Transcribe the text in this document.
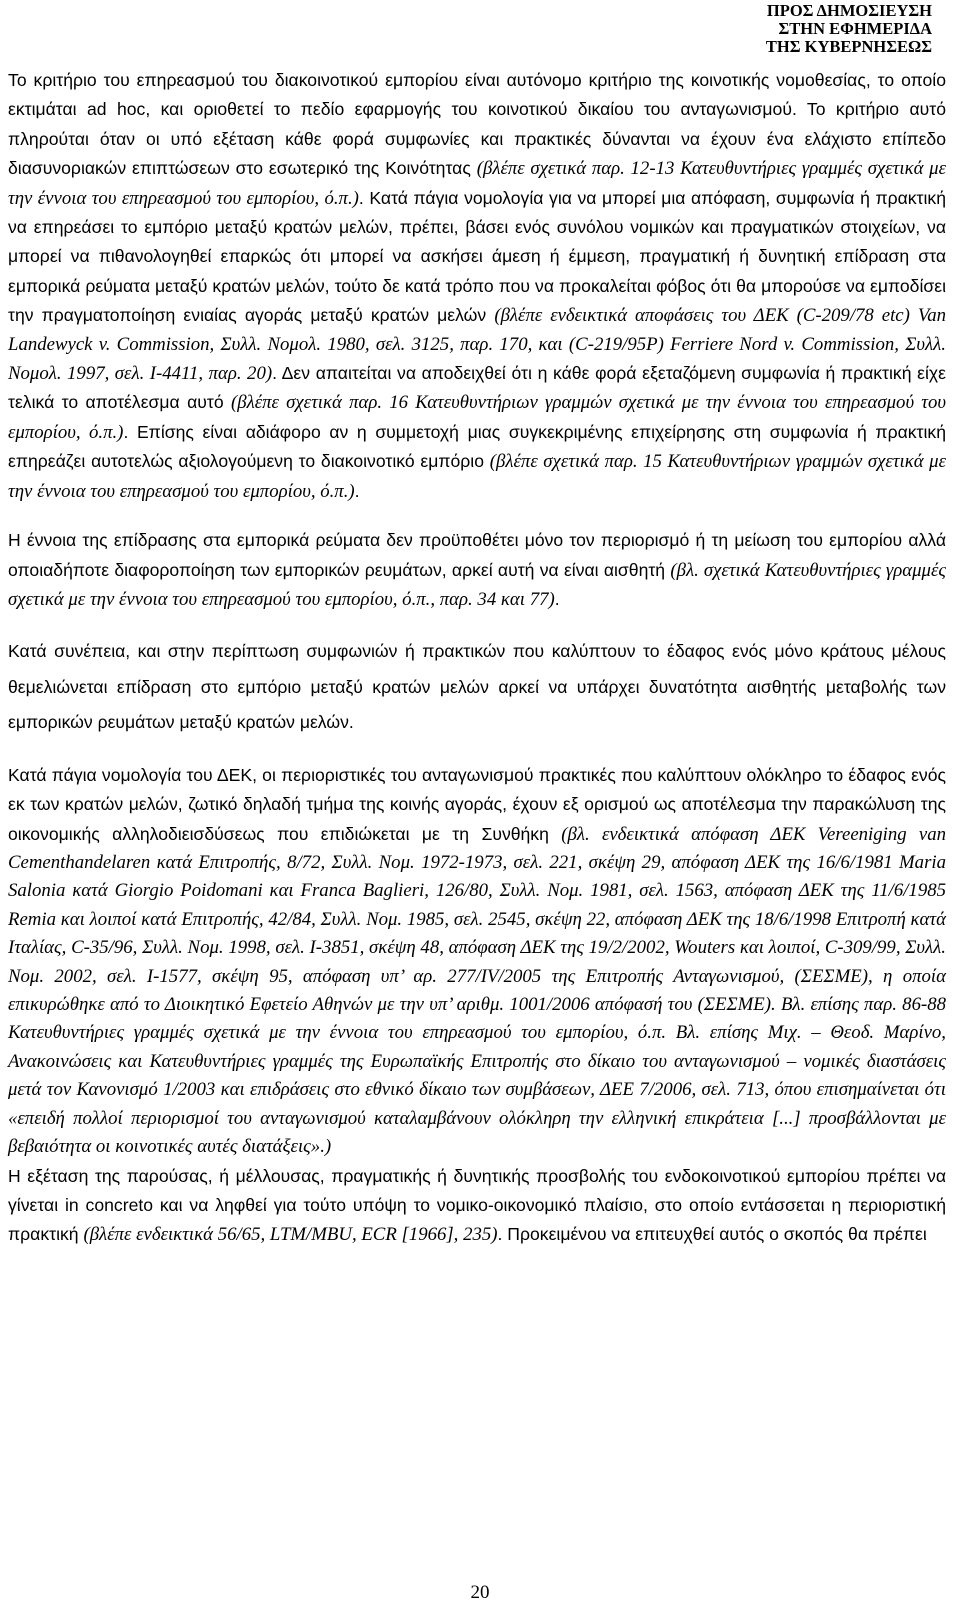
ΠΡΟΣ ΔΗΜΟΣΙΕΥΣΗ
ΣΤΗΝ ΕΦΗΜΕΡΙΔΑ
ΤΗΣ ΚΥΒΕΡΝΗΣΕΩΣ

Το κριτήριο του επηρεασμού του διακοινοτικού εμπορίου είναι αυτόνομο κριτήριο της κοινοτικής νομοθεσίας, το οποίο εκτιμάται ad hoc, και οριοθετεί το πεδίο εφαρμογής του κοινοτικού δικαίου του ανταγωνισμού. Το κριτήριο αυτό πληρούται όταν οι υπό εξέταση κάθε φορά συμφωνίες και πρακτικές δύνανται να έχουν ένα ελάχιστο επίπεδο διασυνοριακών επιπτώσεων στο εσωτερικό της Κοινότητας (βλέπε σχετικά παρ. 12-13 Κατευθυντήριες γραμμές σχετικά με την έννοια του επηρεασμού του εμπορίου, ό.π.). Κατά πάγια νομολογία για να μπορεί μια απόφαση, συμφωνία ή πρακτική να επηρεάσει το εμπόριο μεταξύ κρατών μελών, πρέπει, βάσει ενός συνόλου νομικών και πραγματικών στοιχείων, να μπορεί να πιθανολογηθεί επαρκώς ότι μπορεί να ασκήσει άμεση ή έμμεση, πραγματική ή δυνητική επίδραση στα εμπορικά ρεύματα μεταξύ κρατών μελών, τούτο δε κατά τρόπο που να προκαλείται φόβος ότι θα μπορούσε να εμποδίσει την πραγματοποίηση ενιαίας αγοράς μεταξύ κρατών μελών (βλέπε ενδεικτικά αποφάσεις του ΔΕΚ (C-209/78 etc) Van Landewyck v. Commission, Συλλ. Νομολ. 1980, σελ. 3125, παρ. 170, και (C-219/95P) Ferriere Nord v. Commission, Συλλ. Νομολ. 1997, σελ. Ι-4411, παρ. 20). Δεν απαιτείται να αποδειχθεί ότι η κάθε φορά εξεταζόμενη συμφωνία ή πρακτική είχε τελικά το αποτέλεσμα αυτό (βλέπε σχετικά παρ. 16 Κατευθυντήριων γραμμών σχετικά με την έννοια του επηρεασμού του εμπορίου, ό.π.). Επίσης είναι αδιάφορο αν η συμμετοχή μιας συγκεκριμένης επιχείρησης στη συμφωνία ή πρακτική επηρεάζει αυτοτελώς αξιολογούμενη το διακοινοτικό εμπόριο (βλέπε σχετικά παρ. 15 Κατευθυντήριων γραμμών σχετικά με την έννοια του επηρεασμού του εμπορίου, ό.π.).

Η έννοια της επίδρασης στα εμπορικά ρεύματα δεν προϋποθέτει μόνο τον περιορισμό ή τη μείωση του εμπορίου αλλά οποιαδήποτε διαφοροποίηση των εμπορικών ρευμάτων, αρκεί αυτή να είναι αισθητή (βλ. σχετικά Κατευθυντήριες γραμμές σχετικά με την έννοια του επηρεασμού του εμπορίου, ό.π., παρ. 34 και 77).

Κατά συνέπεια, και στην περίπτωση συμφωνιών ή πρακτικών που καλύπτουν το έδαφος ενός μόνο κράτους μέλους θεμελιώνεται επίδραση στο εμπόριο μεταξύ κρατών μελών αρκεί να υπάρχει δυνατότητα αισθητής μεταβολής των εμπορικών ρευμάτων μεταξύ κρατών μελών.

Κατά πάγια νομολογία του ΔΕΚ, οι περιοριστικές του ανταγωνισμού πρακτικές που καλύπτουν ολόκληρο το έδαφος ενός εκ των κρατών μελών, ζωτικό δηλαδή τμήμα της κοινής αγοράς, έχουν εξ ορισμού ως αποτέλεσμα την παρακώλυση της οικονομικής αλληλοδιεισδύσεως που επιδιώκεται με τη Συνθήκη (βλ. ενδεικτικά απόφαση ΔΕΚ Vereeniging van Cementhandelaren κατά Επιτροπής, 8/72, Συλλ. Νομ. 1972-1973, σελ. 221, σκέψη 29, απόφαση ΔΕΚ της 16/6/1981 Maria Salonia κατά Giorgio Poidomani και Franca Baglieri, 126/80, Συλλ. Νομ. 1981, σελ. 1563, απόφαση ΔΕΚ της 11/6/1985 Remia και λοιποί κατά Επιτροπής, 42/84, Συλλ. Νομ. 1985, σελ. 2545, σκέψη 22, απόφαση ΔΕΚ της 18/6/1998 Επιτροπή κατά Ιταλίας, C-35/96, Συλλ. Νομ. 1998, σελ. I-3851, σκέψη 48, απόφαση ΔΕΚ της 19/2/2002, Wouters και λοιποί, C-309/99, Συλλ. Νομ. 2002, σελ. I-1577, σκέψη 95, απόφαση υπ’ αρ. 277/IV/2005 της Επιτροπής Ανταγωνισμού, (ΣΕΣΜΕ), η οποία επικυρώθηκε από το Διοικητικό Εφετείο Αθηνών με την υπ’ αριθμ. 1001/2006 απόφασή του (ΣΕΣΜΕ). Βλ. επίσης παρ. 86-88 Κατευθυντήριες γραμμές σχετικά με την έννοια του επηρεασμού του εμπορίου, ό.π. Βλ. επίσης Μιχ. – Θεοδ. Μαρίνο, Ανακοινώσεις και Κατευθυντήριες γραμμές της Ευρωπαϊκής Επιτροπής στο δίκαιο του ανταγωνισμού – νομικές διαστάσεις μετά τον Κανονισμό 1/2003 και επιδράσεις στο εθνικό δίκαιο των συμβάσεων, ΔΕΕ 7/2006, σελ. 713, όπου επισημαίνεται ότι «επειδή πολλοί περιορισμοί του ανταγωνισμού καταλαμβάνουν ολόκληρη την ελληνική επικράτεια [...] προσβάλλονται με βεβαιότητα οι κοινοτικές αυτές διατάξεις».)

Η εξέταση της παρούσας, ή μέλλουσας, πραγματικής ή δυνητικής προσβολής του ενδοκοινοτικού εμπορίου πρέπει να γίνεται in concreto και να ληφθεί για τούτο υπόψη το νομικο-οικονομικό πλαίσιο, στο οποίο εντάσσεται η περιοριστική πρακτική (βλέπε ενδεικτικά 56/65, LTM/MBU, ECR [1966], 235). Προκειμένου να επιτευχθεί αυτός ο σκοπός θα πρέπει

20
